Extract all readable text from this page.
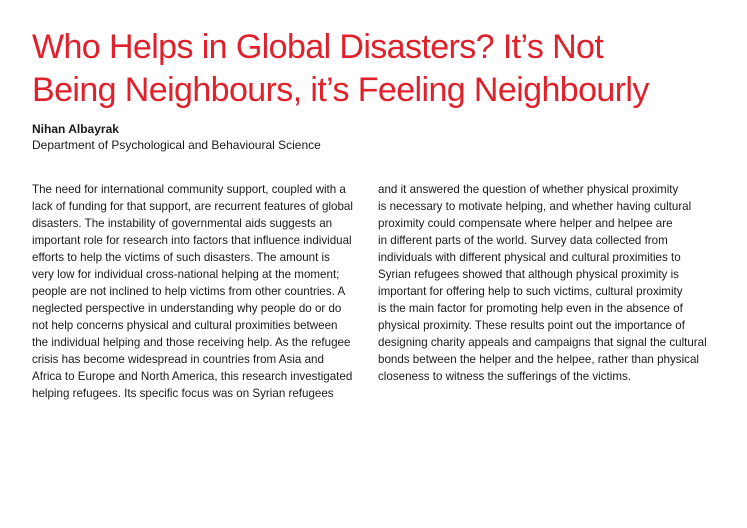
Who Helps in Global Disasters? It’s Not
Being Neighbours, it’s Feeling Neighbourly
Nihan Albayrak
Department of Psychological and Behavioural Science
The need for international community support, coupled with a
lack of funding for that support, are recurrent features of global
disasters. The instability of governmental aids suggests an
important role for research into factors that influence individual
efforts to help the victims of such disasters. The amount is
very low for individual cross-national helping at the moment;
people are not inclined to help victims from other countries. A
neglected perspective in understanding why people do or do
not help concerns physical and cultural proximities between
the individual helping and those receiving help. As the refugee
crisis has become widespread in countries from Asia and
Africa to Europe and North America, this research investigated
helping refugees. Its specific focus was on Syrian refugees
and it answered the question of whether physical proximity
is necessary to motivate helping, and whether having cultural
proximity could compensate where helper and helpee are
in different parts of the world. Survey data collected from
individuals with different physical and cultural proximities to
Syrian refugees showed that although physical proximity is
important for offering help to such victims, cultural proximity
is the main factor for promoting help even in the absence of
physical proximity. These results point out the importance of
designing charity appeals and campaigns that signal the cultural
bonds between the helper and the helpee, rather than physical
closeness to witness the sufferings of the victims.
